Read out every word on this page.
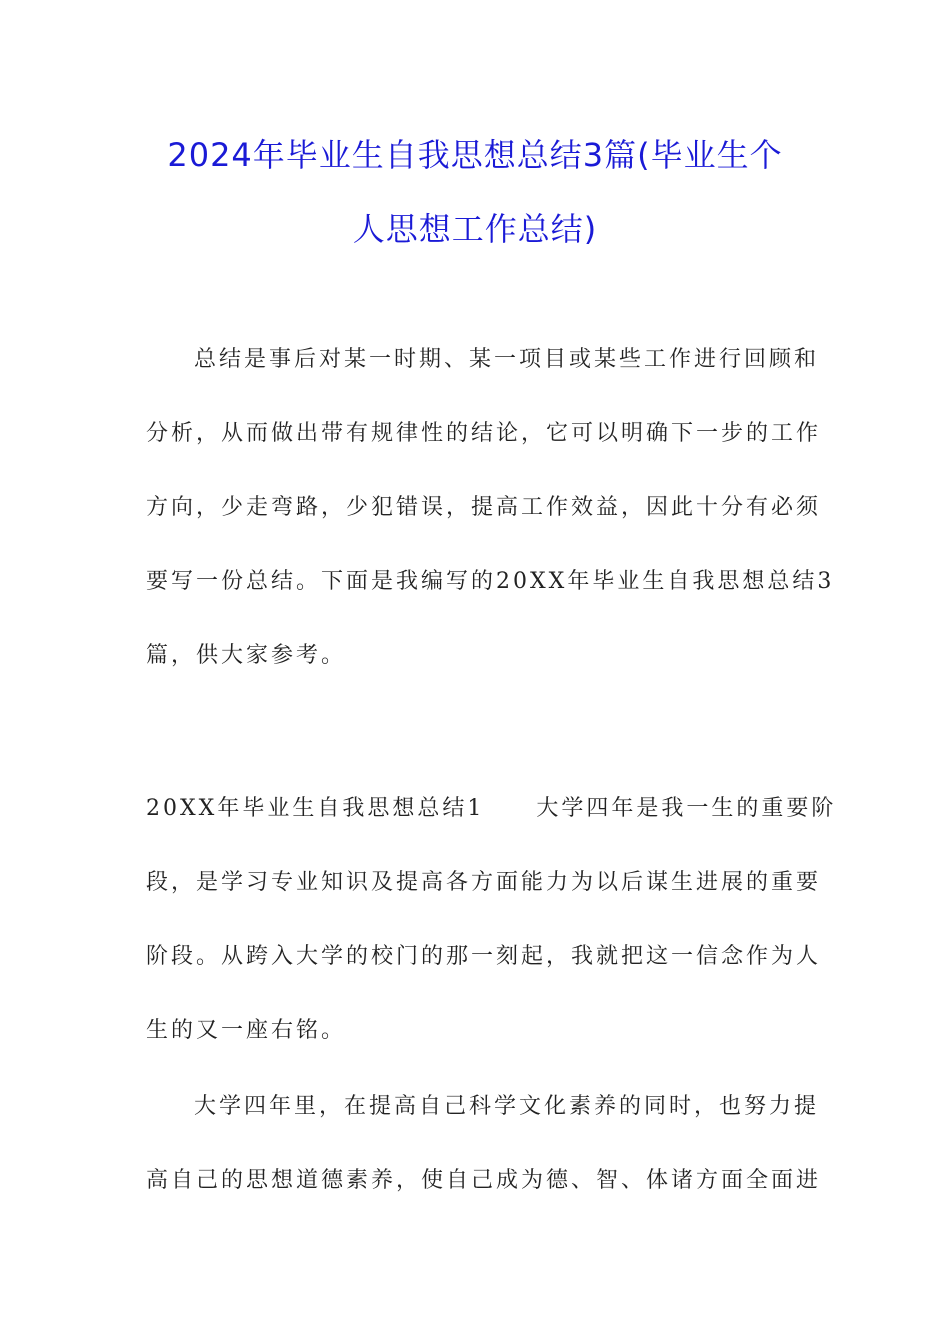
2024年毕业生自我思想总结3篇(毕业生个
人思想工作总结)
总结是事后对某一时期、某一项目或某些工作进行回顾和
分析，从而做出带有规律性的结论，它可以明确下一步的工作
方向，少走弯路，少犯错误，提高工作效益，因此十分有必须
要写一份总结。下面是我编写的20XX年毕业生自我思想总结3
篇，供大家参考。
20XX年毕业生自我思想总结1 大学四年是我一生的重要阶
段，是学习专业知识及提高各方面能力为以后谋生进展的重要
阶段。从跨入大学的校门的那一刻起，我就把这一信念作为人
生的又一座右铭。
大学四年里，在提高自己科学文化素养的同时，也努力提
高自己的思想道德素养，使自己成为德、智、体诸方面全面进
